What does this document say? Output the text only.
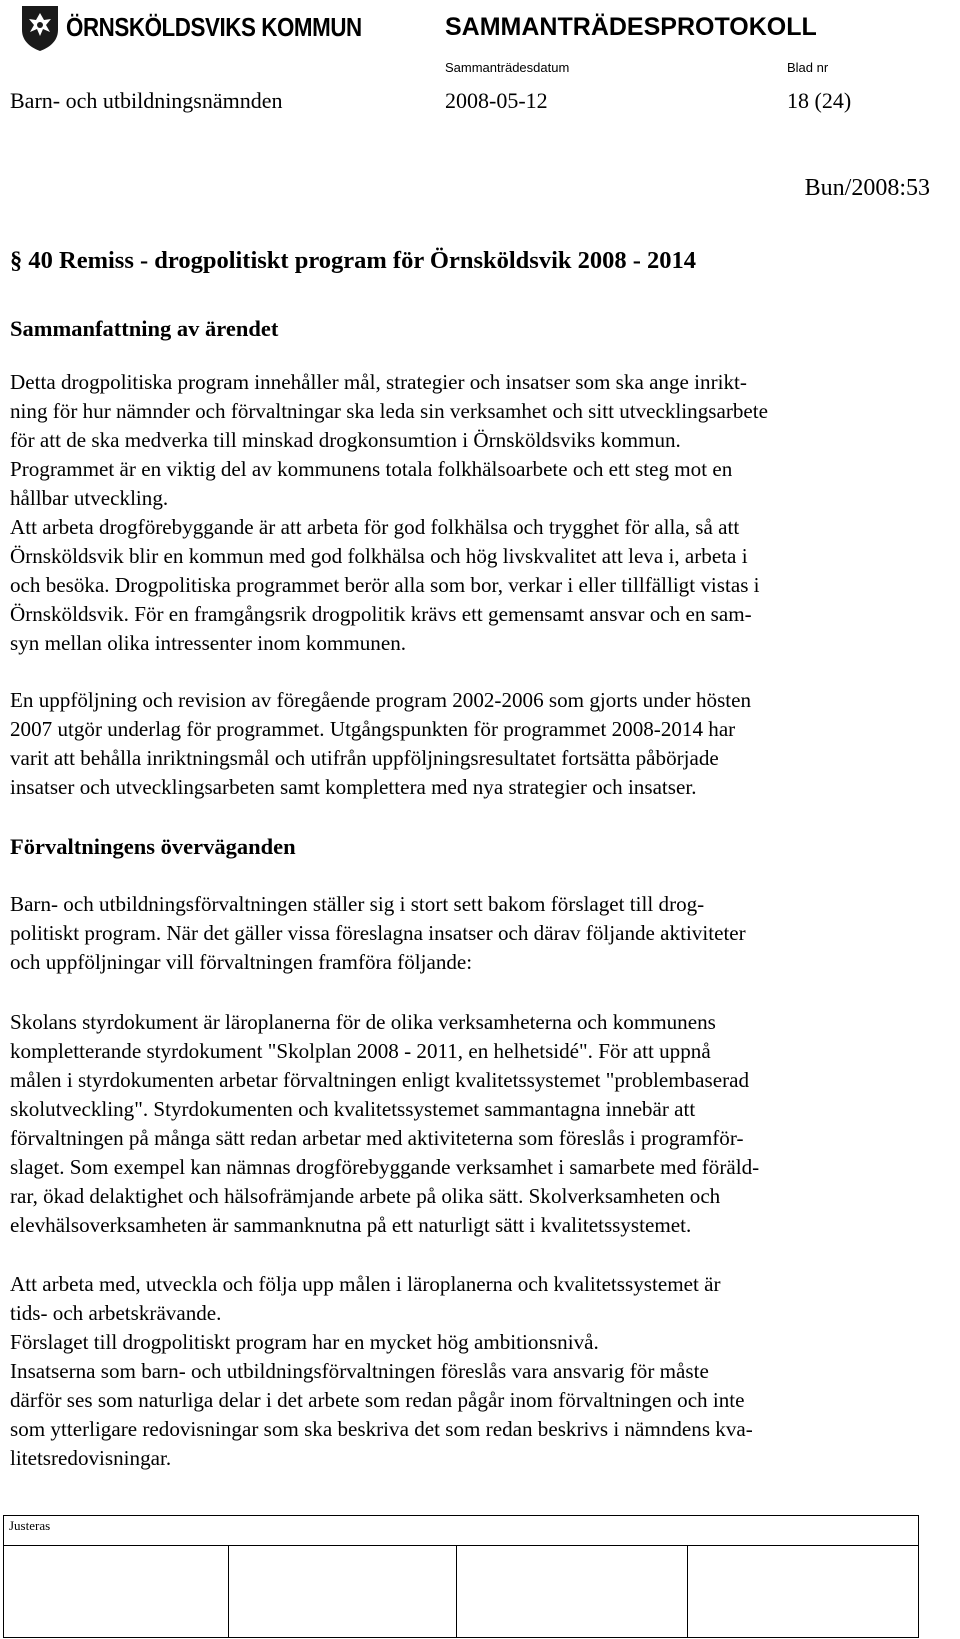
ÖRNSKÖLDSVIKS KOMMUN	SAMMANTRÄDESPROTOKOLL
Sammanträdesdatum	Blad nr
Barn- och utbildningsnämnden	2008-05-12	18 (24)
Bun/2008:53
§ 40 Remiss - drogpolitiskt program för Örnsköldsvik 2008 - 2014
Sammanfattning av ärendet
Detta drogpolitiska program innehåller mål, strategier och insatser som ska ange inrikt-
ning för hur nämnder och förvaltningar ska leda sin verksamhet och sitt utvecklingsarbete
för att de ska medverka till minskad drogkonsumtion i Örnsköldsviks kommun.
Programmet är en viktig del av kommunens totala folkhälsoarbete och ett steg mot en
hållbar utveckling.
Att arbeta drogförebyggande är att arbeta för god folkhälsa och trygghet för alla, så att
Örnsköldsvik blir en kommun med god folkhälsa och hög livskvalitet att leva i, arbeta i
och besöka. Drogpolitiska programmet berör alla som bor, verkar i eller tillfälligt vistas i
Örnsköldsvik. För en framgångsrik drogpolitik krävs ett gemensamt ansvar och en sam-
syn mellan olika intressenter inom kommunen.
En uppföljning och revision av föregående program 2002-2006 som gjorts under hösten
2007 utgör underlag för programmet. Utgångspunkten för programmet 2008-2014 har
varit att behålla inriktningsmål och utifrån uppföljningsresultatet fortsätta påbörjade
insatser och utvecklingsarbeten samt komplettera med nya strategier och insatser.
Förvaltningens överväganden
Barn- och utbildningsförvaltningen ställer sig i stort sett bakom förslaget till drog-
politiskt program. När det gäller vissa föreslagna insatser och därav följande aktiviteter
och uppföljningar vill förvaltningen framföra följande:
Skolans styrdokument är läroplanerna för de olika verksamheterna och kommunens
kompletterande styrdokument "Skolplan 2008 - 2011, en helhetsidé". För att uppnå
målen i styrdokumenten arbetar förvaltningen enligt kvalitetssystemet "problembaserad
skolutveckling". Styrdokumenten och kvalitetssystemet sammantagna innebär att
förvaltningen på många sätt redan arbetar med aktiviteterna som föreslås i programför-
slaget. Som exempel kan nämnas drogförebyggande verksamhet i samarbete med föräld-
rar, ökad delaktighet och hälsofrämjande arbete på olika sätt. Skolverksamheten och
elevhälsoverksamheten är sammanknutna på ett naturligt sätt i kvalitetssystemet.
Att arbeta med, utveckla och följa upp målen i läroplanerna och kvalitetssystemet är
tids- och arbetskrävande.
Förslaget till drogpolitiskt program har en mycket hög ambitionsnivå.
Insatserna som barn- och utbildningsförvaltningen föreslås vara ansvarig för måste
därför ses som naturliga delar i det arbete som redan pågår inom förvaltningen och inte
som ytterligare redovisningar som ska beskriva det som redan beskrivs i nämndens kva-
litetsredovisningar.
Justeras
